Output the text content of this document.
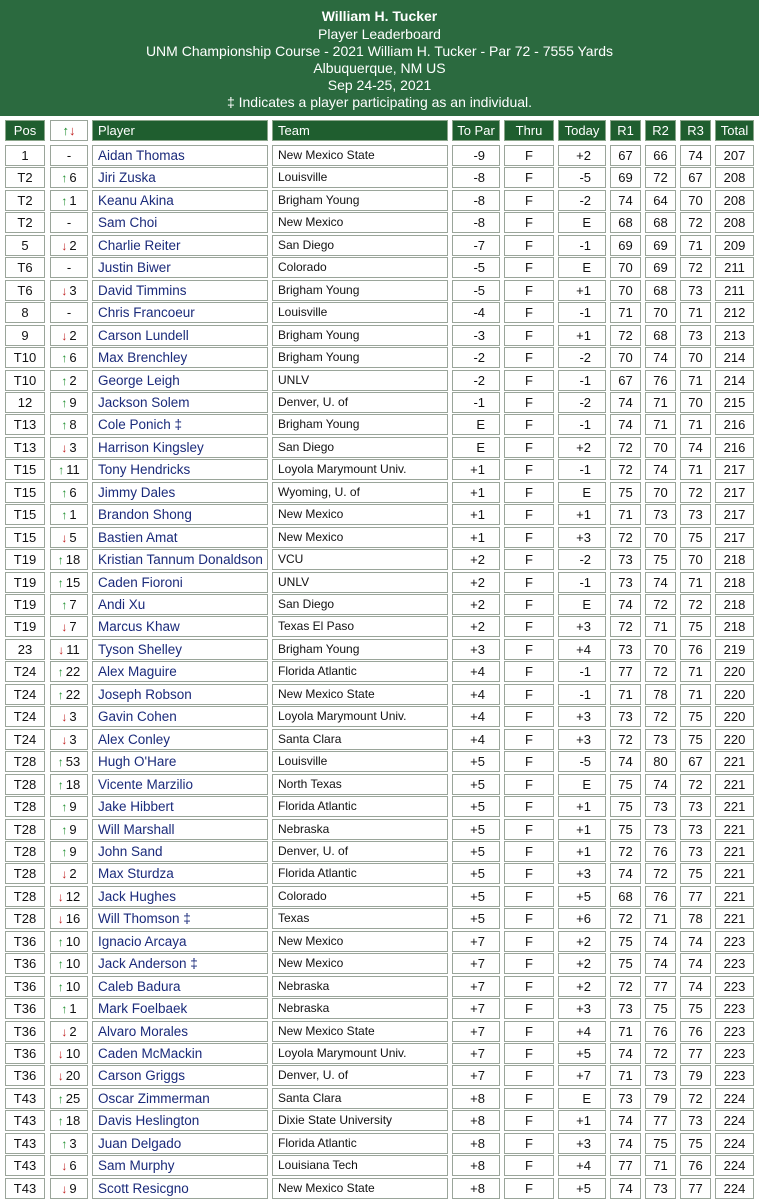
William H. Tucker
Player Leaderboard
UNM Championship Course - 2021 William H. Tucker - Par 72 - 7555 Yards
Albuquerque, NM US
Sep 24-25, 2021
‡ Indicates a player participating as an individual.
Pos	↑↓	Player	Team	To Par	Thru	Today	R1	R2	R3	Total
1	-	Aidan Thomas	New Mexico State	-9	F	+2	67	66	74	207
T2	↑ 6	Jiri Zuska	Louisville	-8	F	-5	69	72	67	208
T2	↑ 1	Keanu Akina	Brigham Young	-8	F	-2	74	64	70	208
T2	-	Sam Choi	New Mexico	-8	F	E	68	68	72	208
5	↓ 2	Charlie Reiter	San Diego	-7	F	-1	69	69	71	209
T6	-	Justin Biwer	Colorado	-5	F	E	70	69	72	211
T6	↓ 3	David Timmins	Brigham Young	-5	F	+1	70	68	73	211
8	-	Chris Francoeur	Louisville	-4	F	-1	71	70	71	212
9	↓ 2	Carson Lundell	Brigham Young	-3	F	+1	72	68	73	213
T10	↑ 6	Max Brenchley	Brigham Young	-2	F	-2	70	74	70	214
T10	↑ 2	George Leigh	UNLV	-2	F	-1	67	76	71	214
12	↑ 9	Jackson Solem	Denver, U. of	-1	F	-2	74	71	70	215
T13	↑ 8	Cole Ponich ‡	Brigham Young	E	F	-1	74	71	71	216
T13	↓ 3	Harrison Kingsley	San Diego	E	F	+2	72	70	74	216
T15	↑ 11	Tony Hendricks	Loyola Marymount Univ.	+1	F	-1	72	74	71	217
T15	↑ 6	Jimmy Dales	Wyoming, U. of	+1	F	E	75	70	72	217
T15	↑ 1	Brandon Shong	New Mexico	+1	F	+1	71	73	73	217
T15	↓ 5	Bastien Amat	New Mexico	+1	F	+3	72	70	75	217
T19	↑ 18	Kristian Tannum Donaldson	VCU	+2	F	-2	73	75	70	218
T19	↑ 15	Caden Fioroni	UNLV	+2	F	-1	73	74	71	218
T19	↑ 7	Andi Xu	San Diego	+2	F	E	74	72	72	218
T19	↓ 7	Marcus Khaw	Texas El Paso	+2	F	+3	72	71	75	218
23	↓ 11	Tyson Shelley	Brigham Young	+3	F	+4	73	70	76	219
T24	↑ 22	Alex Maguire	Florida Atlantic	+4	F	-1	77	72	71	220
T24	↑ 22	Joseph Robson	New Mexico State	+4	F	-1	71	78	71	220
T24	↓ 3	Gavin Cohen	Loyola Marymount Univ.	+4	F	+3	73	72	75	220
T24	↓ 3	Alex Conley	Santa Clara	+4	F	+3	72	73	75	220
T28	↑ 53	Hugh O'Hare	Louisville	+5	F	-5	74	80	67	221
T28	↑ 18	Vicente Marzilio	North Texas	+5	F	E	75	74	72	221
T28	↑ 9	Jake Hibbert	Florida Atlantic	+5	F	+1	75	73	73	221
T28	↑ 9	Will Marshall	Nebraska	+5	F	+1	75	73	73	221
T28	↑ 9	John Sand	Denver, U. of	+5	F	+1	72	76	73	221
T28	↓ 2	Max Sturdza	Florida Atlantic	+5	F	+3	74	72	75	221
T28	↓ 12	Jack Hughes	Colorado	+5	F	+5	68	76	77	221
T28	↓ 16	Will Thomson ‡	Texas	+5	F	+6	72	71	78	221
T36	↑ 10	Ignacio Arcaya	New Mexico	+7	F	+2	75	74	74	223
T36	↑ 10	Jack Anderson ‡	New Mexico	+7	F	+2	75	74	74	223
T36	↑ 10	Caleb Badura	Nebraska	+7	F	+2	72	77	74	223
T36	↑ 1	Mark Foelbaek	Nebraska	+7	F	+3	73	75	75	223
T36	↓ 2	Alvaro Morales	New Mexico State	+7	F	+4	71	76	76	223
T36	↓ 10	Caden McMackin	Loyola Marymount Univ.	+7	F	+5	74	72	77	223
T36	↓ 20	Carson Griggs	Denver, U. of	+7	F	+7	71	73	79	223
T43	↑ 25	Oscar Zimmerman	Santa Clara	+8	F	E	73	79	72	224
T43	↑ 18	Davis Heslington	Dixie State University	+8	F	+1	74	77	73	224
T43	↑ 3	Juan Delgado	Florida Atlantic	+8	F	+3	74	75	75	224
T43	↓ 6	Sam Murphy	Louisiana Tech	+8	F	+4	77	71	76	224
T43	↓ 9	Scott Resicgno	New Mexico State	+8	F	+5	74	73	77	224
